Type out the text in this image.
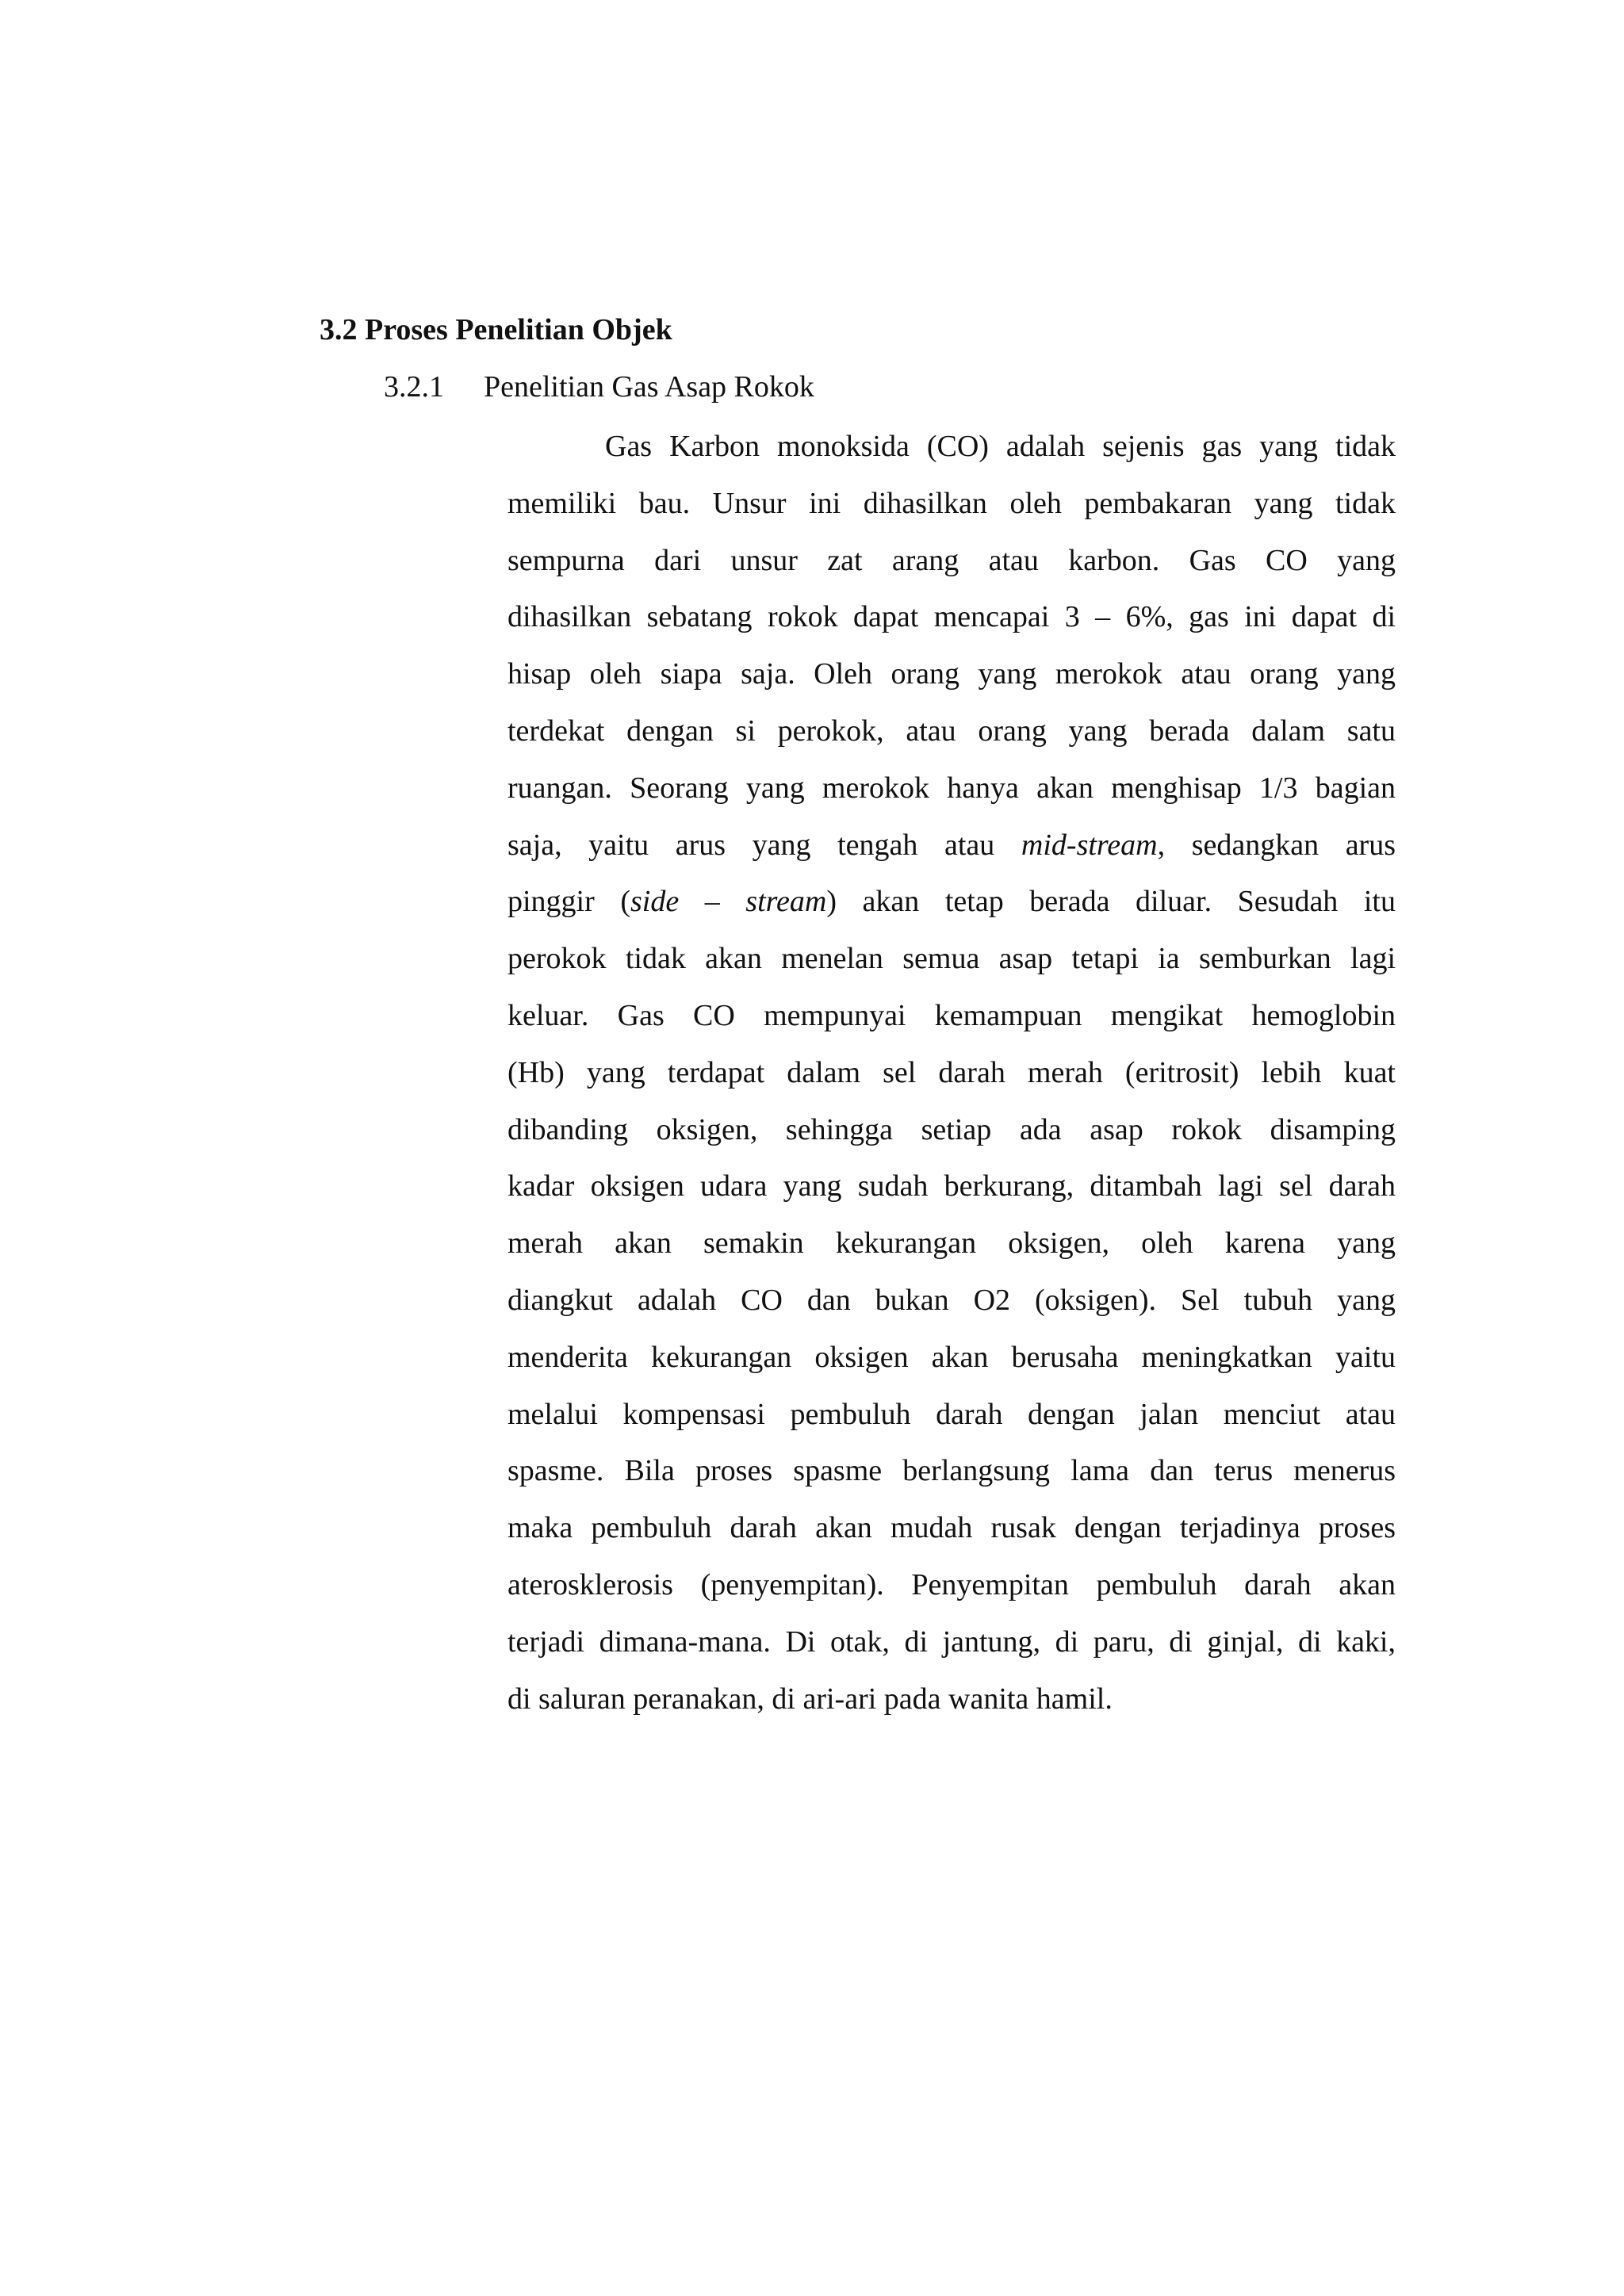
3.2 Proses Penelitian Objek
3.2.1 Penelitian Gas Asap Rokok
Gas Karbon monoksida (CO) adalah sejenis gas yang tidak
memiliki bau. Unsur ini dihasilkan oleh pembakaran yang tidak
sempurna dari unsur zat arang atau karbon. Gas CO yang
dihasilkan sebatang rokok dapat mencapai 3 – 6%, gas ini dapat di
hisap oleh siapa saja. Oleh orang yang merokok atau orang yang
terdekat dengan si perokok, atau orang yang berada dalam satu
ruangan. Seorang yang merokok hanya akan menghisap 1/3 bagian
saja, yaitu arus yang tengah atau mid-stream, sedangkan arus
pinggir (side – stream) akan tetap berada diluar. Sesudah itu
perokok tidak akan menelan semua asap tetapi ia semburkan lagi
keluar. Gas CO mempunyai kemampuan mengikat hemoglobin
(Hb) yang terdapat dalam sel darah merah (eritrosit) lebih kuat
dibanding oksigen, sehingga setiap ada asap rokok disamping
kadar oksigen udara yang sudah berkurang, ditambah lagi sel darah
merah akan semakin kekurangan oksigen, oleh karena yang
diangkut adalah CO dan bukan O2 (oksigen). Sel tubuh yang
menderita kekurangan oksigen akan berusaha meningkatkan yaitu
melalui kompensasi pembuluh darah dengan jalan menciut atau
spasme. Bila proses spasme berlangsung lama dan terus menerus
maka pembuluh darah akan mudah rusak dengan terjadinya proses
aterosklerosis (penyempitan). Penyempitan pembuluh darah akan
terjadi dimana-mana. Di otak, di jantung, di paru, di ginjal, di kaki,
di saluran peranakan, di ari-ari pada wanita hamil.
